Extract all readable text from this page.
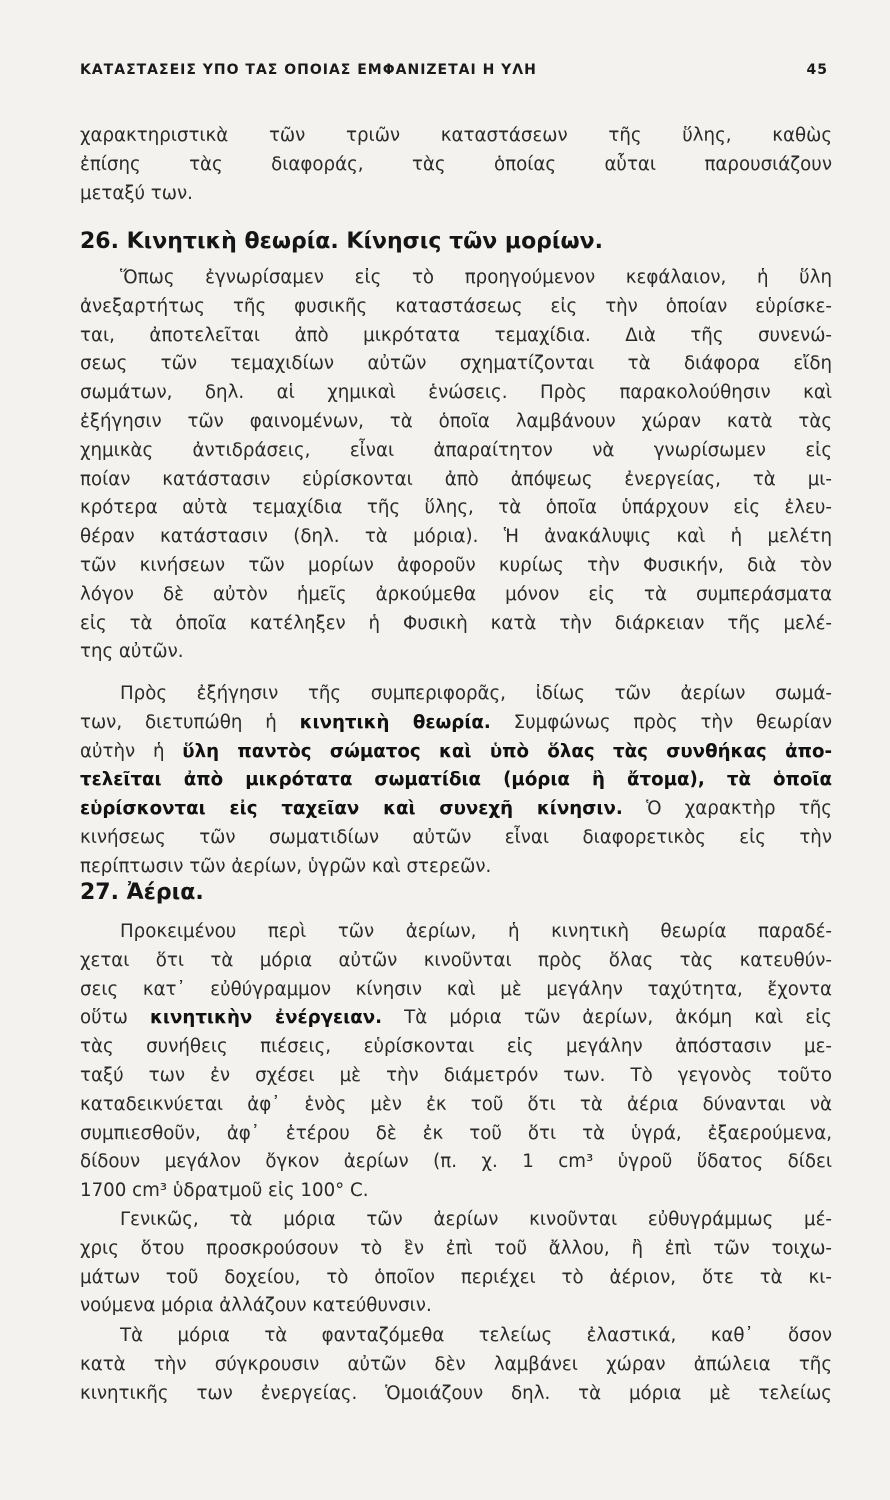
ΚΑΤΑΣΤΑΣΕΙΣ ΥΠΟ ΤΑΣ ΟΠΟΙΑΣ ΕΜΦΑΝΙΖΕΤΑΙ Η ΥΛΗ	45
χαρακτηριστικὰ τῶν τριῶν καταστάσεων τῆς ὕλης, καθὼς
ἐπίσης τὰς διαφοράς, τὰς ὁποίας αὗται παρουσιάζουν
μεταξύ των.
26. Κινητικὴ θεωρία. Κίνησις τῶν μορίων.
Ὅπως ἐγνωρίσαμεν εἰς τὸ προηγούμενον κεφάλαιον, ἡ ὕλη
ἀνεξαρτήτως τῆς φυσικῆς καταστάσεως εἰς τὴν ὁποίαν εὑρίσκε-
ται, ἀποτελεῖται ἀπὸ μικρότατα τεμαχίδια. Διὰ τῆς συνενώ-
σεως τῶν τεμαχιδίων αὐτῶν σχηματίζονται τὰ διάφορα εἴδη
σωμάτων, δηλ. αἱ χημικαὶ ἑνώσεις. Πρὸς παρακολούθησιν καὶ
ἐξήγησιν τῶν φαινομένων, τὰ ὁποῖα λαμβάνουν χώραν κατὰ τὰς
χημικὰς ἀντιδράσεις, εἶναι ἀπαραίτητον νὰ γνωρίσωμεν εἰς
ποίαν κατάστασιν εὑρίσκονται ἀπὸ ἀπόψεως ἐνεργείας, τὰ μι-
κρότερα αὐτὰ τεμαχίδια τῆς ὕλης, τὰ ὁποῖα ὑπάρχουν εἰς ἐλευ-
θέραν κατάστασιν (δηλ. τὰ μόρια). Ἡ ἀνακάλυψις καὶ ἡ μελέτη
τῶν κινήσεων τῶν μορίων ἀφοροῦν κυρίως τὴν Φυσικήν, διὰ τὸν
λόγον δὲ αὐτὸν ἡμεῖς ἀρκούμεθα μόνον εἰς τὰ συμπεράσματα
εἰς τὰ ὁποῖα κατέληξεν ἡ Φυσικὴ κατὰ τὴν διάρκειαν τῆς μελέ-
της αὐτῶν.
Πρὸς ἐξήγησιν τῆς συμπεριφορᾶς, ἰδίως τῶν ἀερίων σωμά-
των, διετυπώθη ἡ κινητικὴ θεωρία. Συμφώνως πρὸς τὴν θεωρίαν
αὐτὴν ἡ ὕλη παντὸς σώματος καὶ ὑπὸ ὅλας τὰς συνθήκας ἀπο-
τελεῖται ἀπὸ μικρότατα σωματίδια (μόρια ἢ ἄτομα), τὰ ὁποῖα
εὑρίσκονται εἰς ταχεῖαν καὶ συνεχῆ κίνησιν. Ὁ χαρακτὴρ τῆς
κινήσεως τῶν σωματιδίων αὐτῶν εἶναι διαφορετικὸς εἰς τὴν
περίπτωσιν τῶν ἀερίων, ὑγρῶν καὶ στερεῶν.
27. Ἀέρια.
Προκειμένου περὶ τῶν ἀερίων, ἡ κινητικὴ θεωρία παραδέ-
χεται ὅτι τὰ μόρια αὐτῶν κινοῦνται πρὸς ὅλας τὰς κατευθύν-
σεις κατ᾽ εὐθύγραμμον κίνησιν καὶ μὲ μεγάλην ταχύτητα, ἔχοντα
οὕτω κινητικὴν ἐνέργειαν. Τὰ μόρια τῶν ἀερίων, ἀκόμη καὶ εἰς
τὰς συνήθεις πιέσεις, εὑρίσκονται εἰς μεγάλην ἀπόστασιν με-
ταξύ των ἐν σχέσει μὲ τὴν διάμετρόν των. Τὸ γεγονὸς τοῦτο
καταδεικνύεται ἀφ᾽ ἑνὸς μὲν ἐκ τοῦ ὅτι τὰ ἀέρια δύνανται νὰ
συμπιεσθοῦν, ἀφ᾽ ἑτέρου δὲ ἐκ τοῦ ὅτι τὰ ὑγρά, ἐξαερούμενα,
δίδουν μεγάλον ὄγκον ἀερίων (π. χ. 1 cm³ ὑγροῦ ὕδατος δίδει
1700 cm³ ὑδρατμοῦ εἰς 100° C.
Γενικῶς, τὰ μόρια τῶν ἀερίων κινοῦνται εὐθυγράμμως μέ-
χρις ὅτου προσκρούσουν τὸ ἓν ἐπὶ τοῦ ἄλλου, ἢ ἐπὶ τῶν τοιχω-
μάτων τοῦ δοχείου, τὸ ὁποῖον περιέχει τὸ ἀέριον, ὅτε τὰ κι-
νούμενα μόρια ἀλλάζουν κατεύθυνσιν.
Τὰ μόρια τὰ φανταζόμεθα τελείως ἐλαστικά, καθ᾽ ὅσον
κατὰ τὴν σύγκρουσιν αὐτῶν δὲν λαμβάνει χώραν ἀπώλεια τῆς
κινητικῆς των ἐνεργείας. Ὁμοιάζουν δηλ. τὰ μόρια μὲ τελείως
